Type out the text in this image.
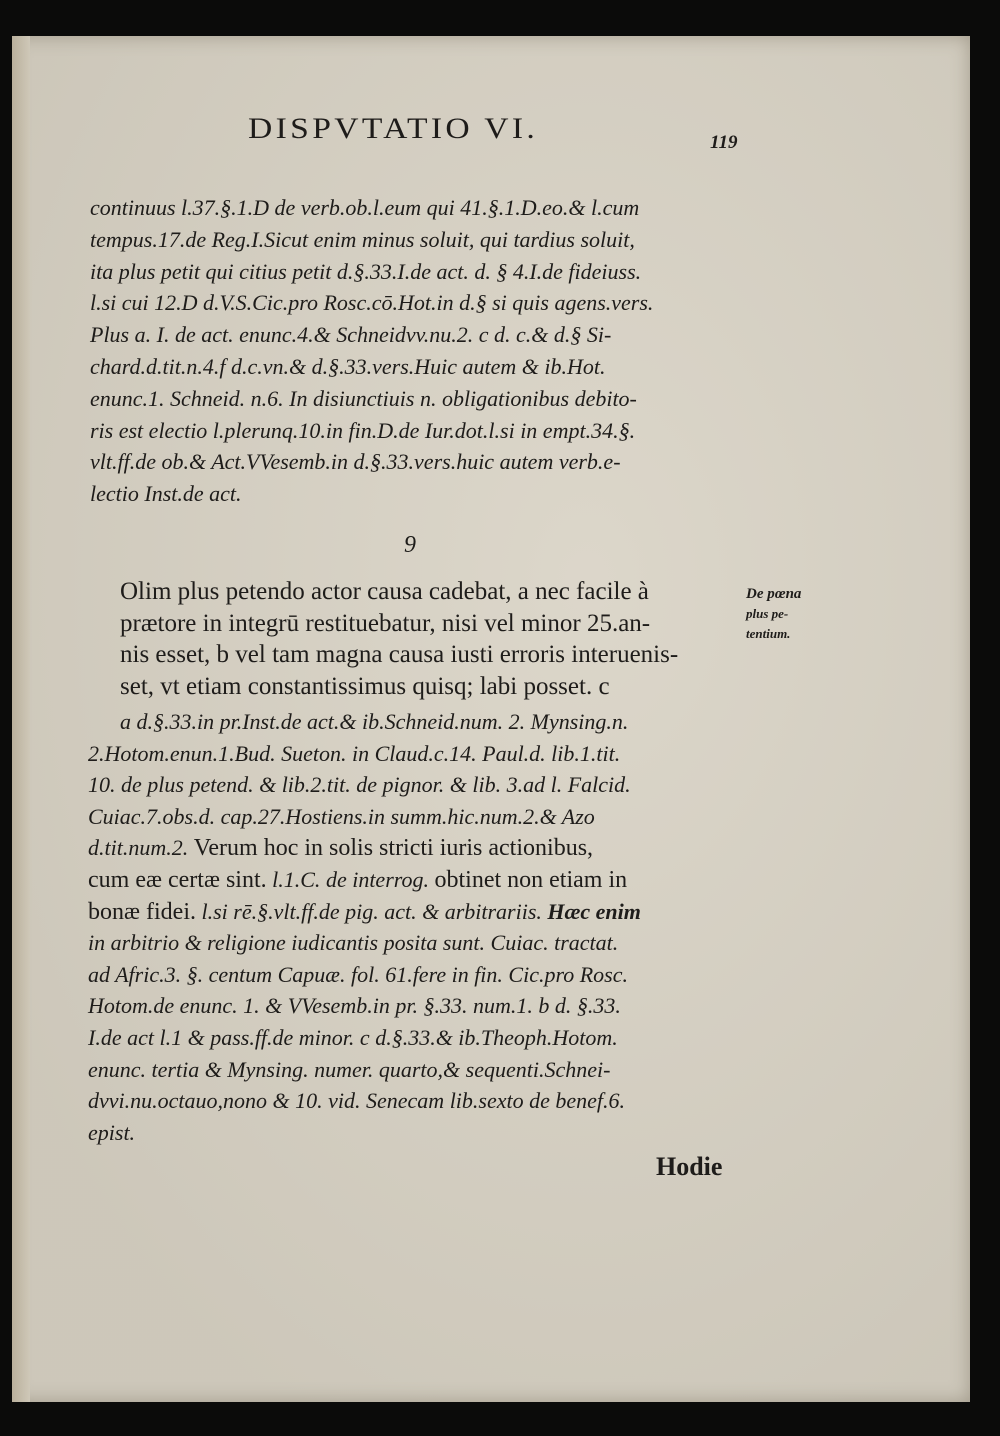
DISPVTATIO VI.	119
continuus l.37.§.1.D de verb.ob.l.eum qui 41.§.1.D.eo.& l.cum
tempus.17.de Reg.I.Sicut enim minus soluit, qui tardius soluit,
ita plus petit qui citius petit d.§.33.I.de act. d. § 4.I.de fideiuss.
l.si cui 12.D d.V.S.Cic.pro Rosc.cō.Hot.in d.§ si quis agens.vers.
Plus a. I. de act. enunc.4.& Schneidvv.nu.2. c d. c.& d.§ Si-
chard.d.tit.n.4.f d.c.vn.& d.§.33.vers.Huic autem & ib.Hot.
enunc.1. Schneid. n.6. In disiunctiuis n. obligationibus debito-
ris est electio l.plerunq.10.in fin.D.de Iur.dot.l.si in empt.34.§.
vlt.ff.de ob.& Act.VVesemb.in d.§.33.vers.huic autem verb.e-
lectio Inst.de act.
9
Olim plus petendo actor causa cadebat, a nec facile à
prætore in integrū restituebatur, nisi vel minor 25.an-
nis esset, b vel tam magna causa iusti erroris interuenis-
set, vt etiam constantissimus quisq; labi posset. c
De pœna
plus pe-
tentium.
a d.§.33.in pr.Inst.de act.& ib.Schneid.num. 2. Mynsing.n.
2.Hotom.enun.1.Bud. Sueton. in Claud.c.14. Paul.d. lib.1.tit.
10. de plus petend. & lib.2.tit. de pignor. & lib. 3.ad l. Falcid.
Cuiac.7.obs.d. cap.27.Hostiens.in summ.hic.num.2.& Azo
d.tit.num.2. Verum hoc in solis stricti iuris actionibus,
cum eæ certæ sint. l.1.C. de interrog. obtinet non etiam in
bonæ fidei. l.si rē.§.vlt.ff.de pig. act. & arbitrariis. Hæc enim
in arbitrio & religione iudicantis posita sunt. Cuiac. tractat.
ad Afric.3. §. centum Capuæ. fol. 61.fere in fin. Cic.pro Rosc.
Hotom.de enunc. 1. & VVesemb.in pr. §.33. num.1. b d. §.33.
I.de act l.1 & pass.ff.de minor. c d.§.33.& ib.Theoph.Hotom.
enunc. tertia & Mynsing. numer. quarto,& sequenti.Schnei-
dvvi.nu.octauo,nono & 10. vid. Senecam lib.sexto de benef.6.
epist.
Hodie
